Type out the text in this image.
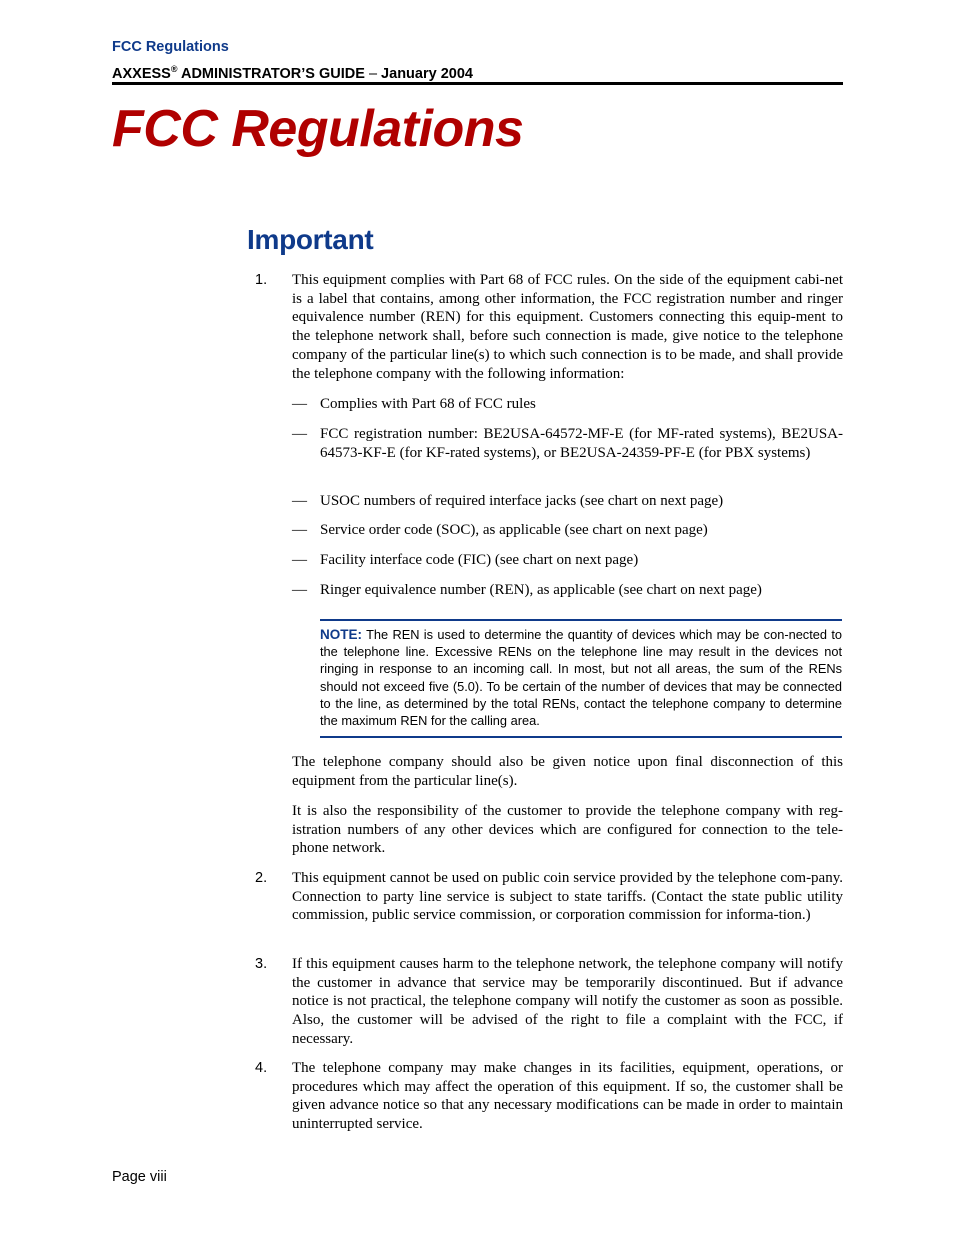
FCC Regulations
AXXESS® ADMINISTRATOR’S GUIDE – January 2004
FCC Regulations
Important
1. This equipment complies with Part 68 of FCC rules. On the side of the equipment cabi-net is a label that contains, among other information, the FCC registration number and ringer equivalence number (REN) for this equipment. Customers connecting this equip-ment to the telephone network shall, before such connection is made, give notice to the telephone company of the particular line(s) to which such connection is to be made, and shall provide the telephone company with the following information:

— Complies with Part 68 of FCC rules
— FCC registration number: BE2USA-64572-MF-E (for MF-rated systems), BE2USA- 64573-KF-E (for KF-rated systems), or BE2USA-24359-PF-E (for PBX systems)
— USOC numbers of required interface jacks (see chart on next page)
— Service order code (SOC), as applicable (see chart on next page)
— Facility interface code (FIC) (see chart on next page)
— Ringer equivalence number (REN), as applicable (see chart on next page)

NOTE: The REN is used to determine the quantity of devices which may be con-nected to the telephone line. Excessive RENs on the telephone line may result in the devices not ringing in response to an incoming call. In most, but not all areas, the sum of the RENs should not exceed five (5.0). To be certain of the number of devices that may be connected to the line, as determined by the total RENs, contact the telephone company to determine the maximum REN for the calling area.

The telephone company should also be given notice upon final disconnection of this equipment from the particular line(s).

It is also the responsibility of the customer to provide the telephone company with reg-istration numbers of any other devices which are configured for connection to the tele-phone network.

2. This equipment cannot be used on public coin service provided by the telephone com-pany. Connection to party line service is subject to state tariffs. (Contact the state public utility commission, public service commission, or corporation commission for informa-tion.)

3. If this equipment causes harm to the telephone network, the telephone company will notify the customer in advance that service may be temporarily discontinued. But if advance notice is not practical, the telephone company will notify the customer as soon as possible. Also, the customer will be advised of the right to file a complaint with the FCC, if necessary.

4. The telephone company may make changes in its facilities, equipment, operations, or procedures which may affect the operation of this equipment. If so, the customer shall be given advance notice so that any necessary modifications can be made in order to maintain uninterrupted service.

Page viii
